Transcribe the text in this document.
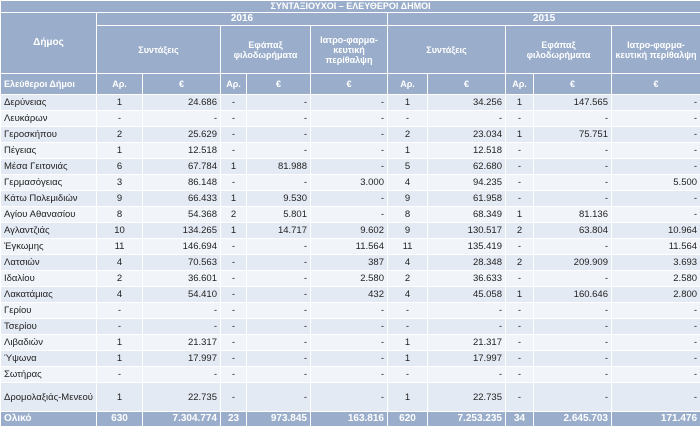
ΣΥΝΤΑΞΙΟΥΧΟΙ – ΕΛΕΥΘΕΡΟΙ ΔΗΜΟΙ										
Δήμος	2016					2015				
	Συντάξεις		Εφάπαξ φιλοδωρήματα		Ιατρο-φαρμα-κευτική περίθαλψη	Συντάξεις		Εφάπαξ φιλοδωρήματα		Ιατρο-φαρμα-κευτική περίθαλψη
Ελεύθεροι Δήμοι	Αρ.	€	Αρ.	€	€	Αρ.	€	Αρ.	€	€
Δερύνειας	1	24.686	-	-	-	1	34.256	1	147.565	-
Λευκάρων	-	-	-	-	-	-	-	-	-	-
Γεροσκήπου	2	25.629	-	-	-	2	23.034	1	75.751	-
Πέγειας	1	12.518	-	-	-	1	12.518	-	-	-
Μέσα Γειτονιάς	6	67.784	1	81.988	-	5	62.680	-	-	-
Γερμασόγειας	3	86.148	-	-	3.000	4	94.235	-	-	5.500
Κάτω Πολεμιδιών	9	66.433	1	9.530	-	9	61.958	-	-	-
Αγίου Αθανασίου	8	54.368	2	5.801	-	8	68.349	1	81.136	-
Αγλαντζιάς	10	134.265	1	14.717	9.602	9	130.517	2	63.804	10.964
Έγκωμης	11	146.694	-	-	11.564	11	135.419	-	-	11.564
Λατσιών	4	70.563	-	-	387	4	28.348	2	209.909	3.693
Ιδαλίου	2	36.601	-	-	2.580	2	36.633	-	-	2.580
Λακατάμιας	4	54.410	-	-	432	4	45.058	1	160.646	2.800
Γερίου	-	-	-	-	-	-	-	-	-	-
Τσερίου	-	-	-	-	-	-	-	-	-	-
Λιβαδιών	1	21.317	-	-	-	1	21.317	-	-	-
Ύψωνα	1	17.997	-	-	-	1	17.997	-	-	-
Σωτήρας	-	-	-	-	-	-	-	-	-	-
Δρομολαξιάς-Μενεού	1	22.735	-	-	-	1	22.735	-	-	-
Ολικό	630	7.304.774	23	973.845	163.816	620	7.253.235	34	2.645.703	171.476
